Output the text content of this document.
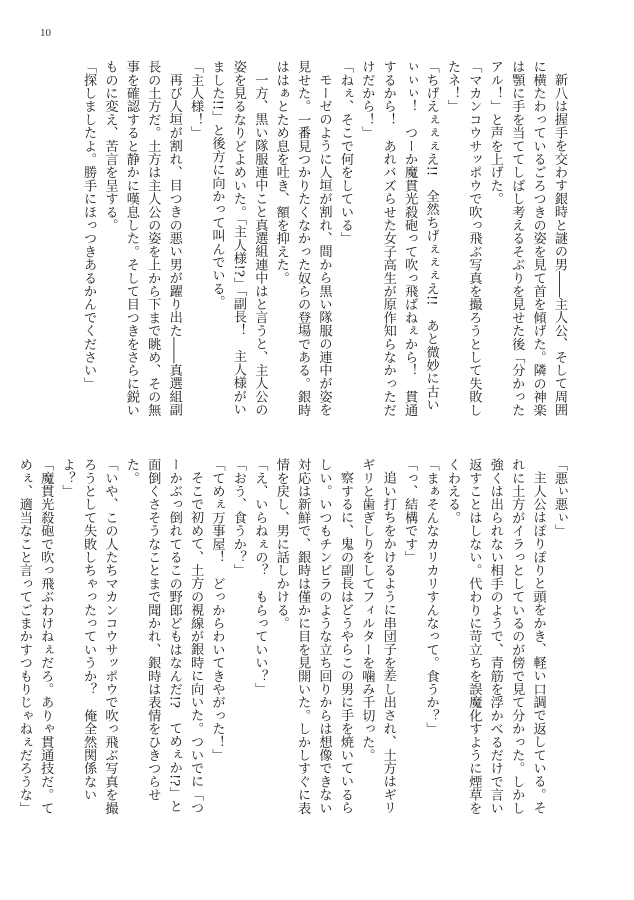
10

新八は握手を交わす銀時と謎の男――主人公、そして周囲に横たわっているごろつきの姿を見て首を傾げた。隣の神楽は顎に手を当ててしばし考えるそぶりを見せた後「分かったアル！」と声を上げた。

「マカンコウサッポウで吹っ飛ぶ写真を撮ろうとして失敗したネ！」

「ちげえぇぇぇえ!!　全然ちげぇぇぇえ!!　あと微妙に古いぃぃぃ！　つーか魔貫光殺砲って吹っ飛ばねぇから！　貫通するから！　あれバズらせた女子高生が原作知らなかっただけだから！」

「ねぇ、そこで何をしている」

モーゼのように人垣が割れ、間から黒い隊服の連中が姿を見せた。一番見つかりたくなかった奴らの登場である。銀時ははぁとため息を吐き、額を抑えた。

一方、黒い隊服連中こと真選組連中はと言うと、主人公の姿を見るなりどよめいた。「主人様!?」「副長！　主人様がいました!!」と後方に向かって叫んでいる。

「主人様！」

再び人垣が割れ、目つきの悪い男が躍り出た――真選組副長の土方だ。土方は主人公の姿を上から下まで眺め、その無事を確認すると静かに嘆息した。そして目つきをさらに鋭いものに変え、苦言を呈する。

「探しましたよ。勝手にほっつきあるかんでください」

「悪ぃ悪ぃ」

主人公はぽりぽりと頭をかき、軽い口調で返している。それに土方がイラっとしているのが傍で見て分かった。しかし強くは出られない相手のようで、青筋を浮かべるだけで言い返すことはしない。代わりに苛立ちを誤魔化すように煙草をくわえる。

「まぁそんなカリカリすんなって。食うか？」

「っ、結構です」

追い打ちをかけるように串団子を差し出され、土方はギリギリと歯ぎしりをしてフィルターを噛み千切った。

察するに、鬼の副長はどうやらこの男に手を焼いているらしい。いつもチンピラのような立ち回りからは想像できない対応は新鮮で、銀時は僅かに目を見開いた。しかしすぐに表情を戻し、男に話しかける。

「え、いらねぇの？　もらっていい？」

「おう、食うか？」

「てめぇ万事屋！　どっからわいてきやがった！」

そこで初めて、土方の視線が銀時に向いた。ついでに「つーかぶっ倒れてるこの野郎どもはなんだ!?　てめぇか!?」と面倒くさそうなことまで聞かれ、銀時は表情をひきつらせた。

「いや、この人たちマカンコウサッポウで吹っ飛ぶ写真を撮ろうとして失敗しちゃったっていうか？　俺全然関係ないよ？」

「魔貫光殺砲で吹っ飛ぶわけねぇだろ。ありゃ貫通技だ。てめぇ、適当なこと言ってごまかすつもりじゃねぇだろうな」
